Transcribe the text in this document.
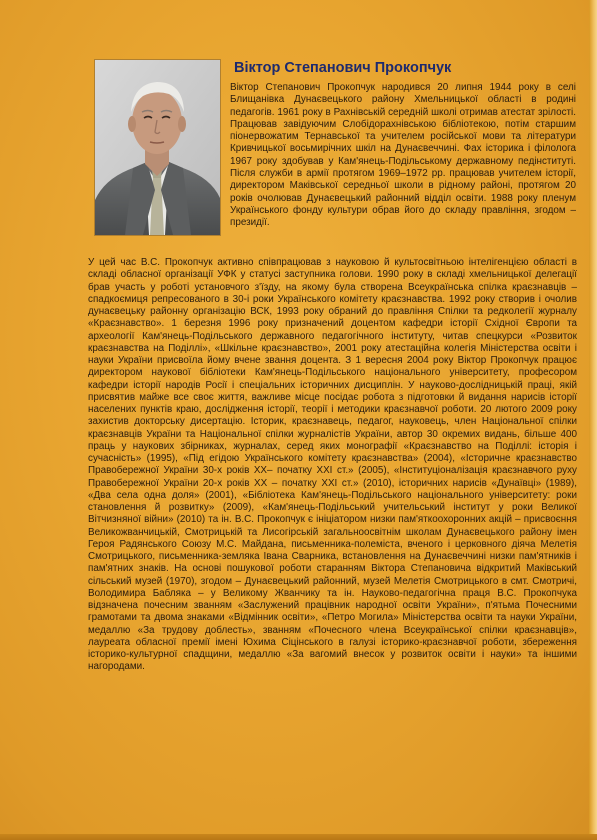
Віктор Степанович Прокопчук
Віктор Степанович Прокопчук народився 20 липня 1944 року в селі Блищанівка Дунаєвецького району Хмельницької області в родині педагогів. 1961 року в Рахнівській середній школі отримав атестат зрілості. Працював завідуючим Слобідорахнівською бібліотекою, потім старшим піонервожатим Тернавської та учителем російської мови та літератури Кривчицької восьмирічних шкіл на Дунаєвеччині. Фах історика і філолога 1967 року здобував у Кам'янець-Подільському державному педінституті. Після служби в армії протягом 1969–1972 рр. працював учителем історії, директором Маківської середньої школи в рідному районі, протягом 20 років очолював Дунаєвецький районний відділ освіти. 1988 року пленум Українського фонду культури обрав його до складу правління, згодом – президії.

У цей час В.С. Прокопчук активно співпрацював з науковою й культосвітньою інтелігенцією області в складі обласної організації УФК у статусі заступника голови. 1990 року в складі хмельницької делегації брав участь у роботі установчого з'їзду, на якому була створена Всеукраїнська спілка краєзнавців – спадкоємиця репресованого в 30-і роки Українського комітету краєзнавства. 1992 року створив і очолив дунаєвецьку районну організацію ВСК, 1993 року обраний до правління Спілки та редколегії журналу «Краєзнавство». 1 березня 1996 року призначений доцентом кафедри історії Східної Європи та археології Кам'янець-Подільського державного педагогічного інституту, читав спецкурси «Розвиток краєзнавства на Поділлі», «Шкільне краєзнавство», 2001 року атестаційна колегія Міністерства освіти і науки України присвоїла йому вчене звання доцента. З 1 вересня 2004 року Віктор Прокопчук працює директором наукової бібліотеки Кам'янець-Подільського національного університету, професором кафедри історії народів Росії і спеціальних історичних дисциплін. У науково-дослідницькій праці, якій присвятив майже все своє життя, важливе місце посідає робота з підготовки й видання нарисів історії населених пунктів краю, дослідження історії, теорії і методики краєзнавчої роботи. 20 лютого 2009 року захистив докторську дисертацію. Історик, краєзнавець, педагог, науковець, член Національної спілки краєзнавців України та Національної спілки журналістів України, автор 30 окремих видань, більше 400 праць у наукових збірниках, журналах, серед яких монографії «Краєзнавство на Поділлі: історія і сучасність» (1995), «Під егідою Українського комітету краєзнавства» (2004), «Історичне краєзнавство Правобережної України 30-х років XX– початку XXI ст.» (2005), «Інституціоналізація краєзнавчого руху Правобережної України 20-х років XX – початку XXI ст.» (2010), історичних нарисів «Дунаївці» (1989), «Два села одна доля» (2001), «Бібліотека Кам'янець-Подільського національного університету: роки становлення й розвитку» (2009), «Кам'янець-Подільський учительський інститут у роки Великої Вітчизняної війни» (2010) та ін. В.С. Прокопчук є ініціатором низки пам'яткоохоронних акцій – присвоєння Великожванчицькій, Смотрицькій та Лисогірській загальноосвітнім школам Дунаєвецького району імен Героя Радянського Союзу М.С. Майдана, письменника-полеміста, вченого і церковного діяча Мелетія Смотрицького, письменника-земляка Івана Сварника, встановлення на Дунаєвеччині низки пам'ятників і пам'ятних знаків. На основі пошукової роботи старанням Віктора Степановича відкритий Маківський сільський музей (1970), згодом – Дунаєвецький районний, музей Мелетія Смотрицького в смт. Смотричі, Володимира Бабляка – у Великому Жванчику та ін. Науково-педагогічна праця В.С. Прокопчука відзначена почесним званням «Заслужений працівник народної освіти України», п'ятьма Почесними грамотами та двома знаками «Відмінник освіти», «Петро Могила» Міністерства освіти та науки України, медаллю «За трудову доблесть», званням «Почесного члена Всеукраїнської спілки краєзнавців», лауреата обласної премії імені Юхима Сіцінського в галузі історико-краєзнавчої роботи, збереження історико-культурної спадщини, медаллю «За вагомий внесок у розвиток освіти і науки» та іншими нагородами.
